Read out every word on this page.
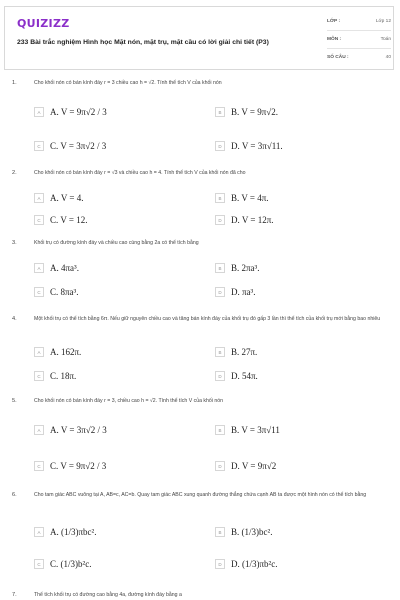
QUIZIZZ
233 Bài trắc nghiệm Hình học Mặt nón, mặt trụ, mặt cầu có lời giải chi tiết (P3)
LỚP :	Lớp 12
MÔN :	Toán
SỐ CÂU :	40
1.	Cho khối nón có bán kính đáy r = 3 chiều cao h = √2. Tính thể tích V của khối nón
A	A. V = 9π√2 / 3	B	B. V = 9π√2.
C	C. V = 3π√2 / 3	D	D. V = 3π√11.
2.	Cho khối nón có bán kính đáy r = √3 và chiều cao h = 4. Tính thể tích V của khối nón đã cho
A	A. V = 4.	B	B. V = 4π.
C	C. V = 12.	D	D. V = 12π.
3.	Khối trụ có đường kính đáy và chiều cao cùng bằng 2a có thể tích bằng
A	A. 4πa³.	B	B. 2πa³.
C	C. 8πa³.	D	D. πa³.
4.	Một khối trụ có thể tích bằng 6π. Nếu giữ nguyên chiều cao và tăng bán kính đáy của khối trụ đó gấp 3 lần thì thể tích của khối trụ mới bằng bao nhiêu
A	A. 162π.	B	B. 27π.
C	C. 18π.	D	D. 54π.
5.	Cho khối nón có bán kính đáy r = 3, chiều cao h = √2. Tính thể tích V của khối nón
A	A. V = 3π√2 / 3	B	B. V = 3π√11
C	C. V = 9π√2 / 3	D	D. V = 9π√2
6.	Cho tam giác ABC vuông tại A, AB=c, AC=b. Quay tam giác ABC xung quanh đường thẳng chứa cạnh AB ta được một hình nón có thể tích bằng
A	A. (1/3)πbc².	B	B. (1/3)bc².
C	C. (1/3)b²c.	D	D. (1/3)πb²c.
7.	Thể tích khối trụ có đường cao bằng 4a, đường kính đáy bằng a
